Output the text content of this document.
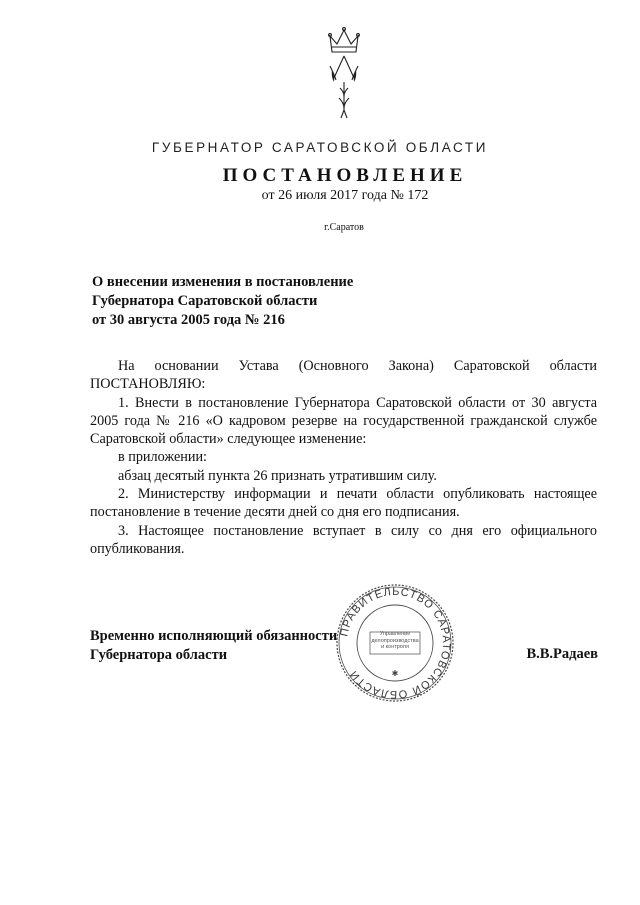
ГУБЕРНАТОР САРАТОВСКОЙ ОБЛАСТИ
ПОСТАНОВЛЕНИЕ
от 26 июля 2017 года № 172
г.Саратов
О внесении изменения в постановление
Губернатора Саратовской области
от 30 августа 2005 года № 216

На основании Устава (Основного Закона) Саратовской области

ПОСТАНОВЛЯЮ:

1. Внести в постановление Губернатора Саратовской области от 30 августа 2005 года № 216 «О кадровом резерве на государственной гражданской службе Саратовской области» следующее изменение:

в приложении:

абзац десятый пункта 26 признать утратившим силу.

2. Министерству информации и печати области опубликовать настоящее постановление в течение десяти дней со дня его подписания.

3. Настоящее постановление вступает в силу со дня его официального опубликования.

Временно исполняющий обязанности
Губернатора области	В.В.Радаев
ПРАВИТЕЛЬСТВО САРАТОВСКОЙ ОБЛАСТИ
Управление делопроизводства и контроля
✱
